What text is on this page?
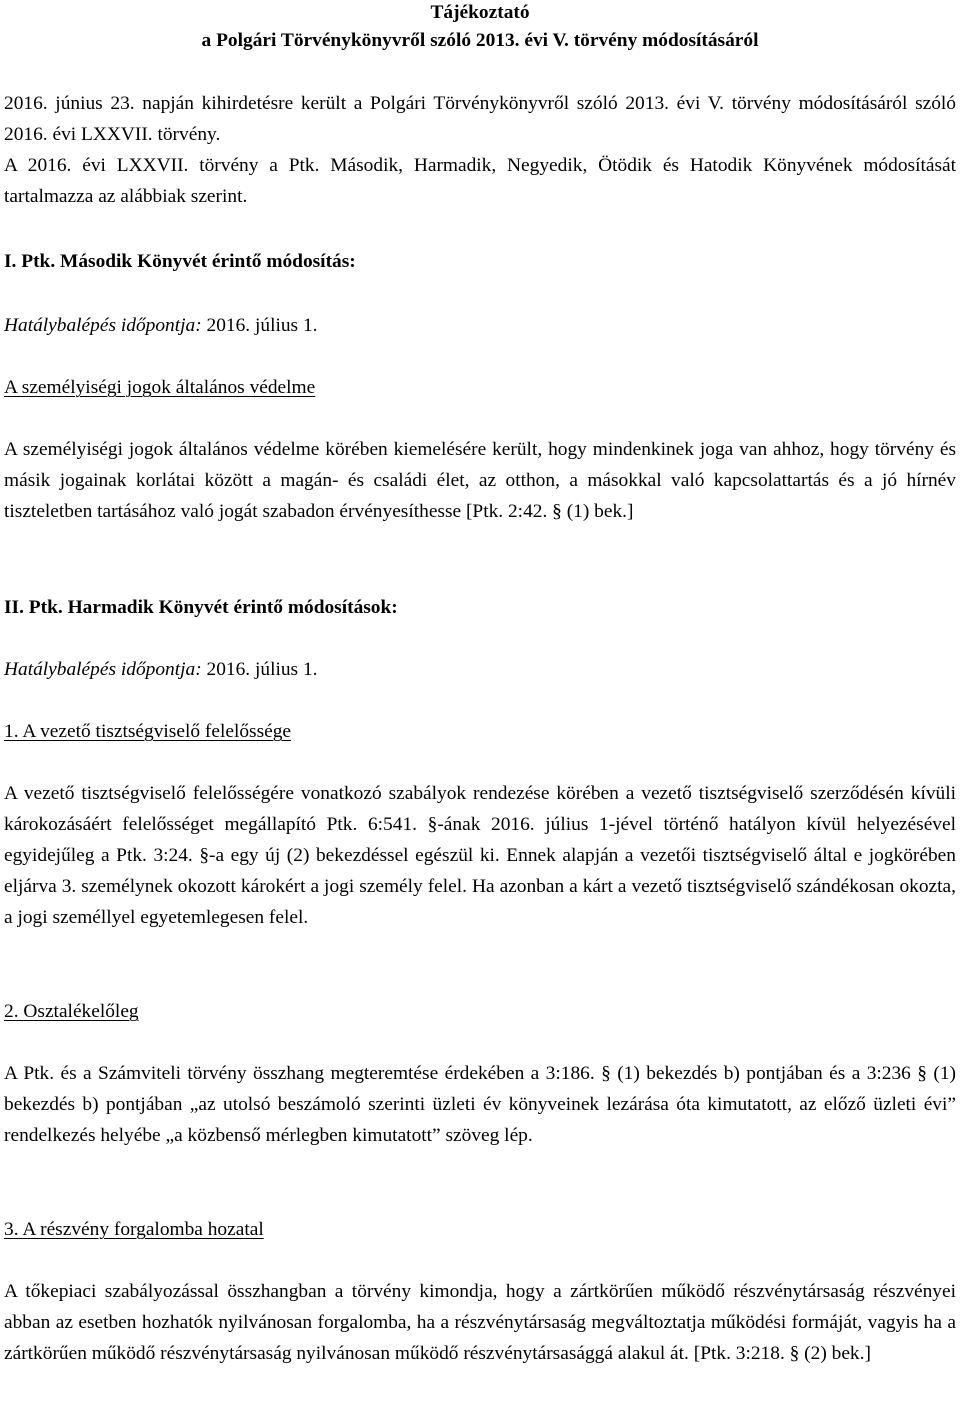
Tájékoztató
a Polgári Törvénykönyvről szóló 2013. évi V. törvény módosításáról

2016. június 23. napján kihirdetésre került a Polgári Törvénykönyvről szóló 2013. évi V. törvény módosításáról szóló 2016. évi LXXVII. törvény.

A 2016. évi LXXVII. törvény a Ptk. Második, Harmadik, Negyedik, Ötödik és Hatodik Könyvének módosítását tartalmazza az alábbiak szerint.

I. Ptk. Második Könyvét érintő módosítás:

Hatálybalépés időpontja: 2016. július 1.

A személyiségi jogok általános védelme

A személyiségi jogok általános védelme körében kiemelésére került, hogy mindenkinek joga van ahhoz, hogy törvény és másik jogainak korlátai között a magán- és családi élet, az otthon, a másokkal való kapcsolattartás és a jó hírnév tiszteletben tartásához való jogát szabadon érvényesíthesse [Ptk. 2:42. § (1) bek.]

II. Ptk. Harmadik Könyvét érintő módosítások:

Hatálybalépés időpontja: 2016. július 1.

1. A vezető tisztségviselő felelőssége

A vezető tisztségviselő felelősségére vonatkozó szabályok rendezése körében a vezető tisztségviselő szerződésén kívüli károkozásáért felelősséget megállapító Ptk. 6:541. §-ának 2016. július 1-jével történő hatályon kívül helyezésével egyidejűleg a Ptk. 3:24. §-a egy új (2) bekezdéssel egészül ki. Ennek alapján a vezetői tisztségviselő által e jogkörében eljárva 3. személynek okozott károkért a jogi személy felel. Ha azonban a kárt a vezető tisztségviselő szándékosan okozta, a jogi személlyel egyetemlegesen felel.

2. Osztalékelőleg

A Ptk. és a Számviteli törvény összhang megteremtése érdekében a 3:186. § (1) bekezdés b) pontjában és a 3:236 § (1) bekezdés b) pontjában „az utolsó beszámoló szerinti üzleti év könyveinek lezárása óta kimutatott, az előző üzleti évi” rendelkezés helyébe „a közbenső mérlegben kimutatott” szöveg lép.

3. A részvény forgalomba hozatal

A tőkepiaci szabályozással összhangban a törvény kimondja, hogy a zártkörűen működő részvénytársaság részvényei abban az esetben hozhatók nyilvánosan forgalomba, ha a részvénytársaság megváltoztatja működési formáját, vagyis ha a zártkörűen működő részvénytársaság nyilvánosan működő részvénytársasággá alakul át. [Ptk. 3:218. § (2) bek.]
